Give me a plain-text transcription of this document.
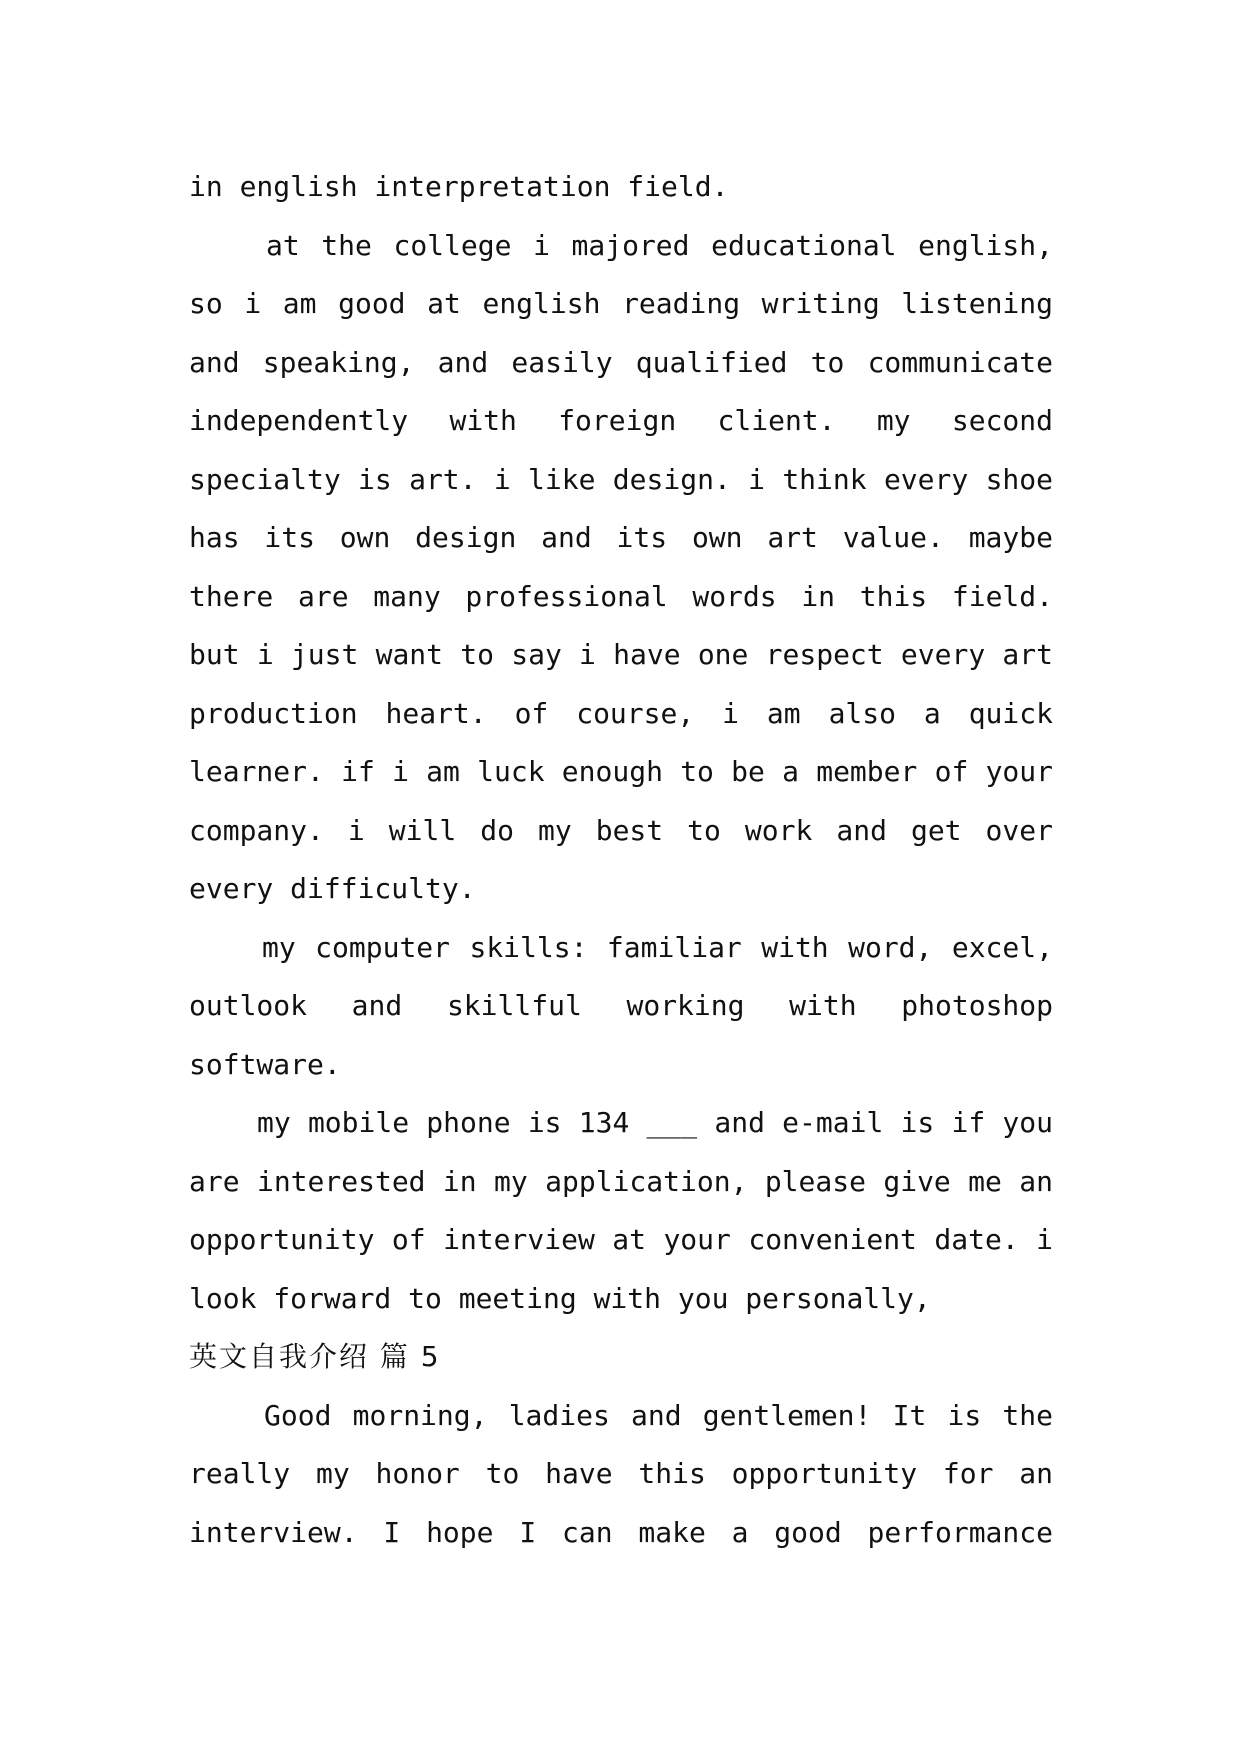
in english interpretation field.
at the college i majored educational english,
so i am good at english reading writing listening
and speaking, and easily qualified to communicate
independently with foreign client. my second
specialty is art. i like design. i think every shoe
has its own design and its own art value. maybe
there are many professional words in this field.
but i just want to say i have one respect every art
production heart. of course, i am also a quick
learner. if i am luck enough to be a member of your
company. i will do my best to work and get over
every difficulty.
my computer skills: familiar with word, excel,
outlook and skillful working with photoshop
software.
my mobile phone is 134 ___ and e-mail is if you
are interested in my application, please give me an
opportunity of interview at your convenient date. i
look forward to meeting with you personally,
英文自我介绍 篇 5
Good morning, ladies and gentlemen! It is the
really my honor to have this opportunity for an
interview. I hope I can make a good performance
